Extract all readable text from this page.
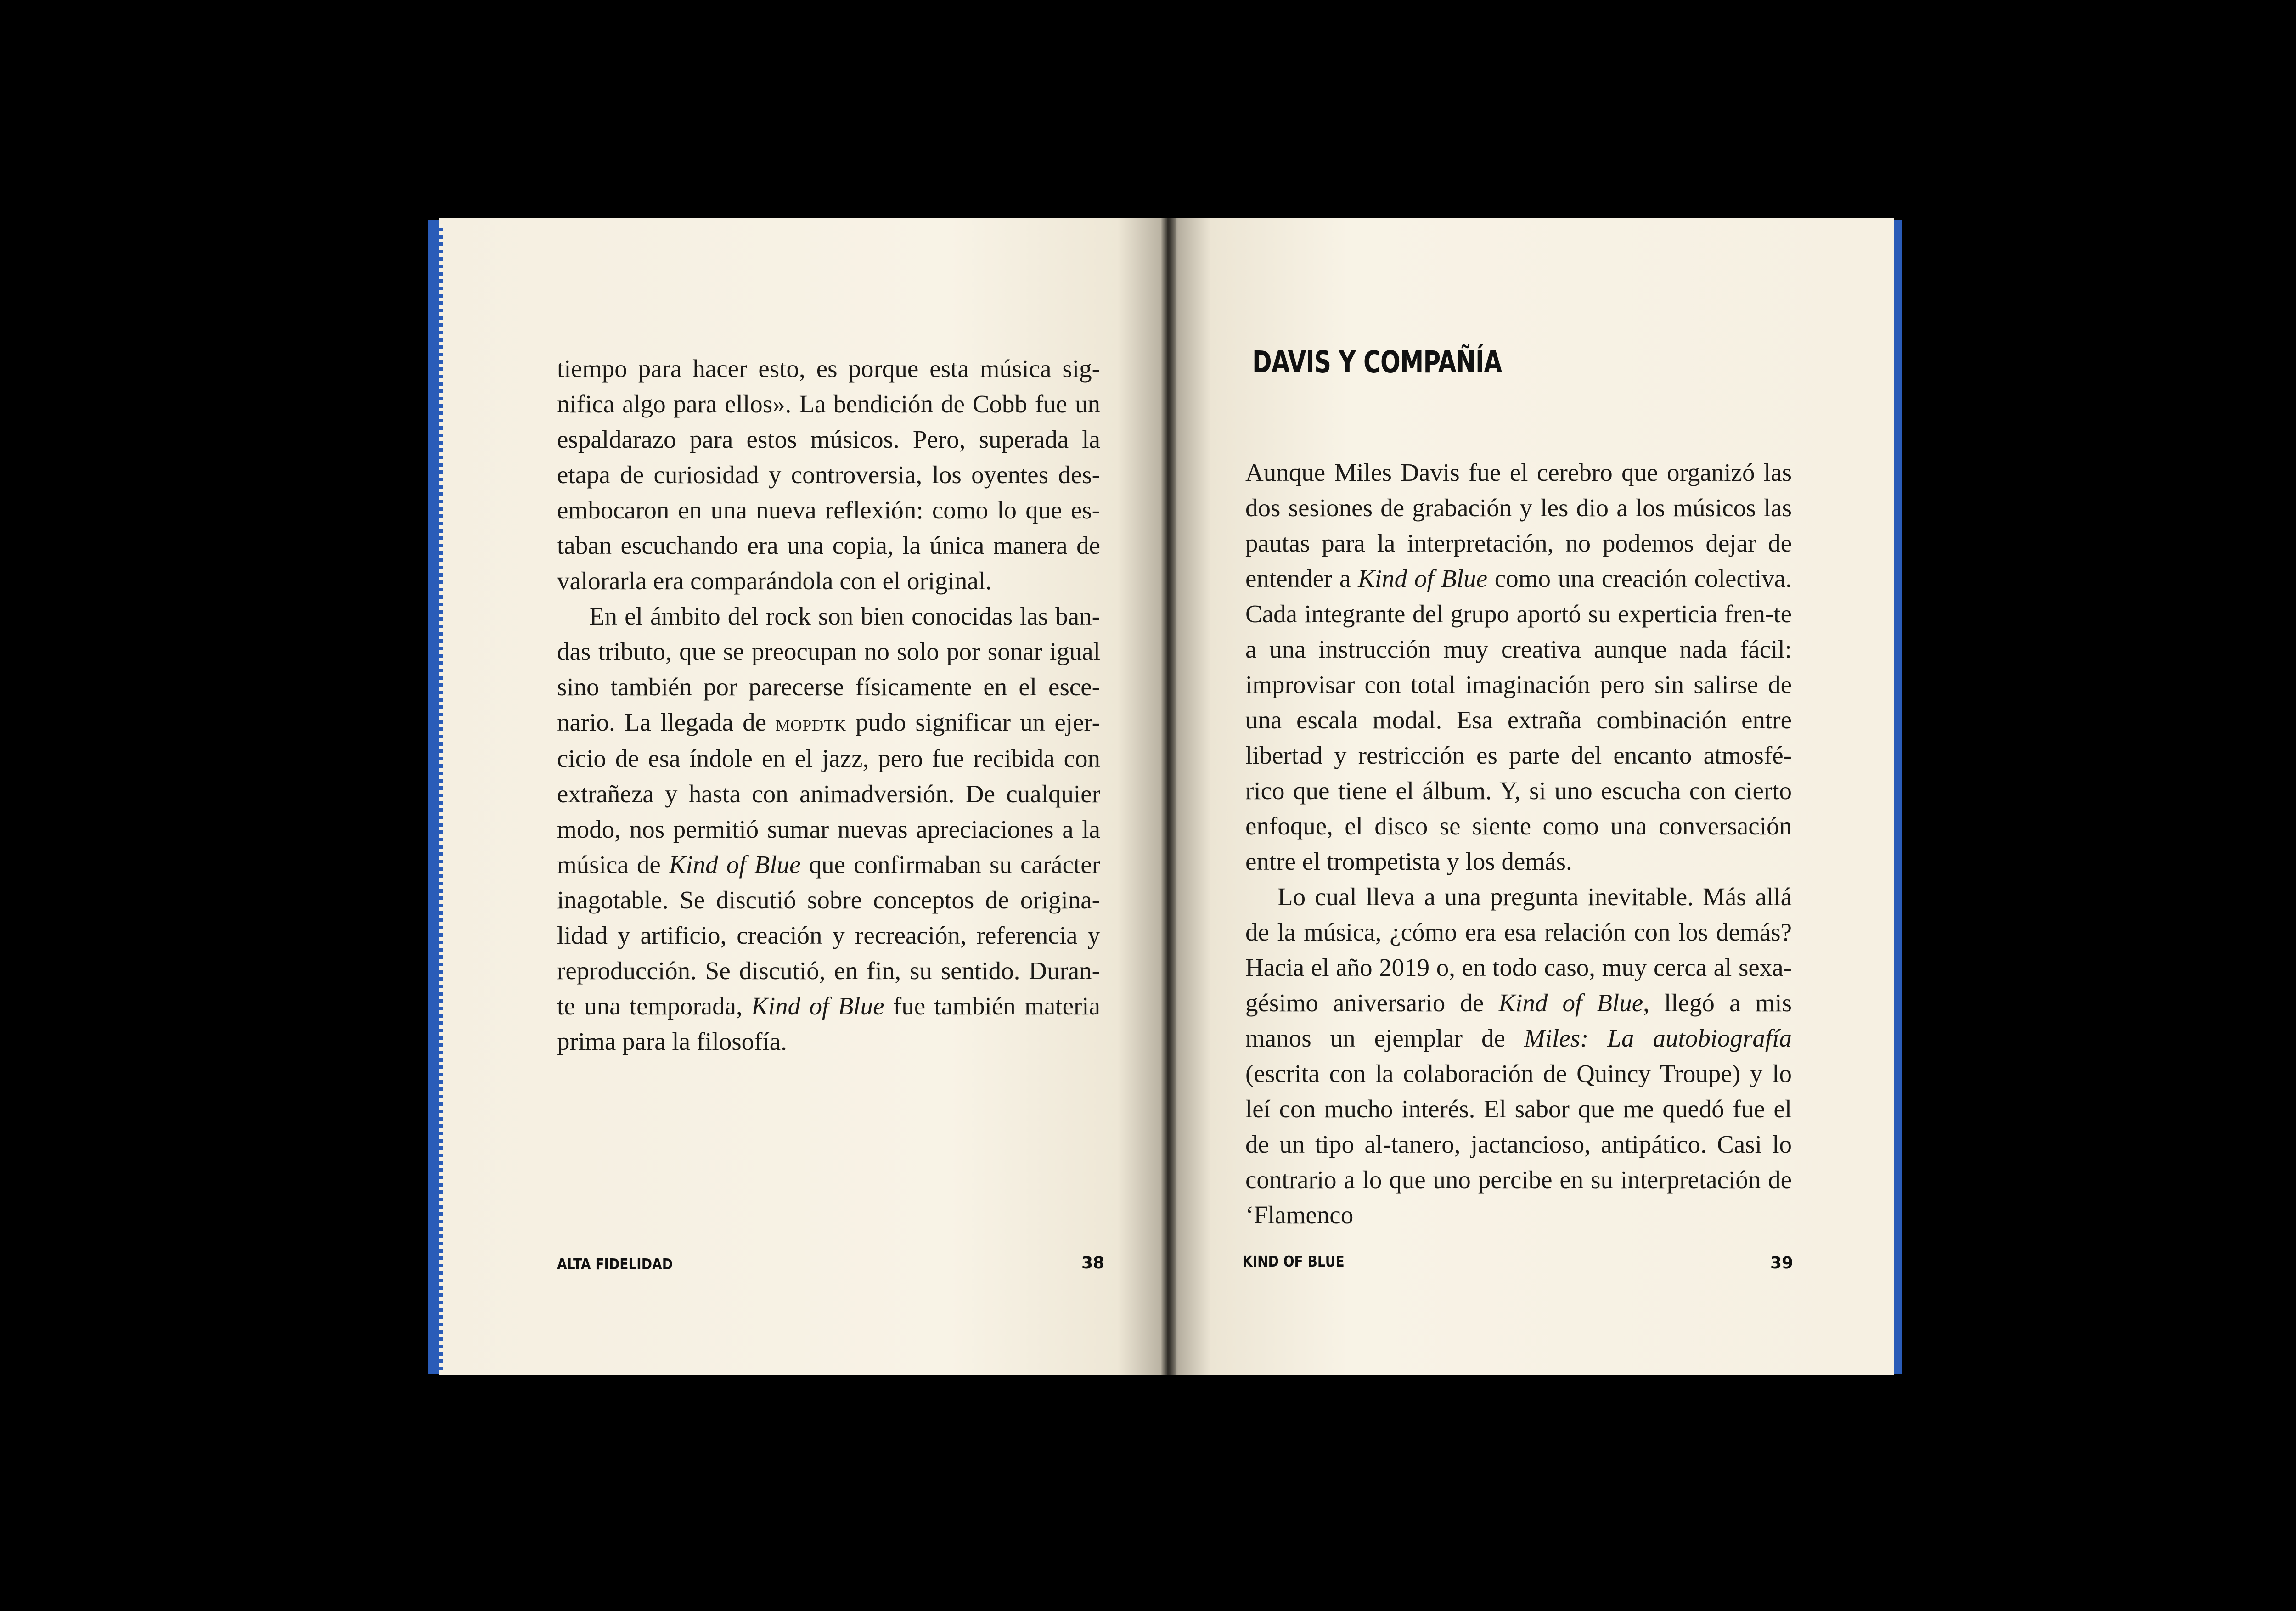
tiempo para hacer esto, es porque esta música sig-nifica algo para ellos». La bendición de Cobb fue un espaldarazo para estos músicos. Pero, superada la etapa de curiosidad y controversia, los oyentes des-embocaron en una nueva reflexión: como lo que es-taban escuchando era una copia, la única manera de valorarla era comparándola con el original.

En el ámbito del rock son bien conocidas las ban-das tributo, que se preocupan no solo por sonar igual sino también por parecerse físicamente en el esce-nario. La llegada de mopdtk pudo significar un ejer-cicio de esa índole en el jazz, pero fue recibida con extrañeza y hasta con animadversión. De cualquier modo, nos permitió sumar nuevas apreciaciones a la música de Kind of Blue que confirmaban su carácter inagotable. Se discutió sobre conceptos de origina-lidad y artificio, creación y recreación, referencia y reproducción. Se discutió, en fin, su sentido. Duran-te una temporada, Kind of Blue fue también materia prima para la filosofía.

DAVIS Y COMPAÑÍA

Aunque Miles Davis fue el cerebro que organizó las dos sesiones de grabación y les dio a los músicos las pautas para la interpretación, no podemos dejar de entender a Kind of Blue como una creación colectiva. Cada integrante del grupo aportó su experticia fren-te a una instrucción muy creativa aunque nada fácil: improvisar con total imaginación pero sin salirse de una escala modal. Esa extraña combinación entre libertad y restricción es parte del encanto atmosfé-rico que tiene el álbum. Y, si uno escucha con cierto enfoque, el disco se siente como una conversación entre el trompetista y los demás.

Lo cual lleva a una pregunta inevitable. Más allá de la música, ¿cómo era esa relación con los demás? Hacia el año 2019 o, en todo caso, muy cerca al sexa-gésimo aniversario de Kind of Blue, llegó a mis manos un ejemplar de Miles: La autobiografía (escrita con la colaboración de Quincy Troupe) y lo leí con mucho interés. El sabor que me quedó fue el de un tipo al-tanero, jactancioso, antipático. Casi lo contrario a lo que uno percibe en su interpretación de ‘Flamenco

ALTA FIDELIDAD	38	KIND OF BLUE	39
